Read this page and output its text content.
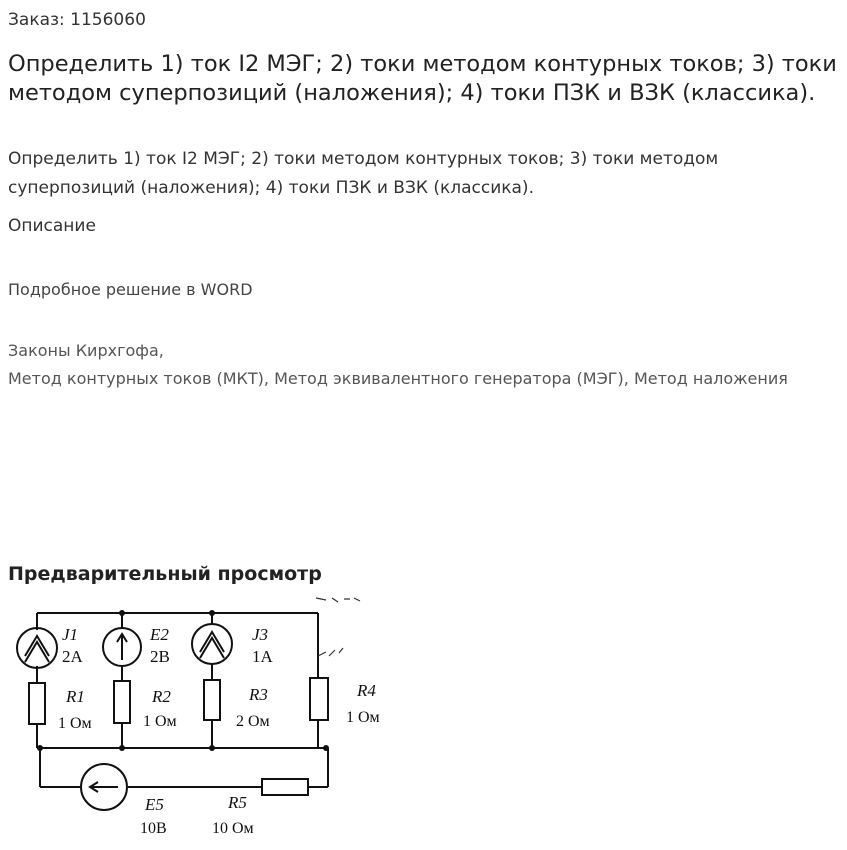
Заказ: 1156060
Определить 1) ток I2 МЭГ; 2) токи методом контурных токов; 3) токи методом суперпозиций (наложения); 4) токи ПЗК и ВЗК (классика).
Определить 1) ток I2 МЭГ; 2) токи методом контурных токов; 3) токи методом суперпозиций (наложения); 4) токи ПЗК и ВЗК (классика).
Описание
Подробное решение в WORD
Законы Кирхгофа,
Метод контурных токов (МКТ), Метод эквивалентного генератора (МЭГ), Метод наложения
Предварительный просмотр
J1
2A
E2
2B
J3
1A
R1
1 Ом
R2
1 Ом
R3
2 Ом
R4
1 Ом
E5
10B
R5
10 Ом
